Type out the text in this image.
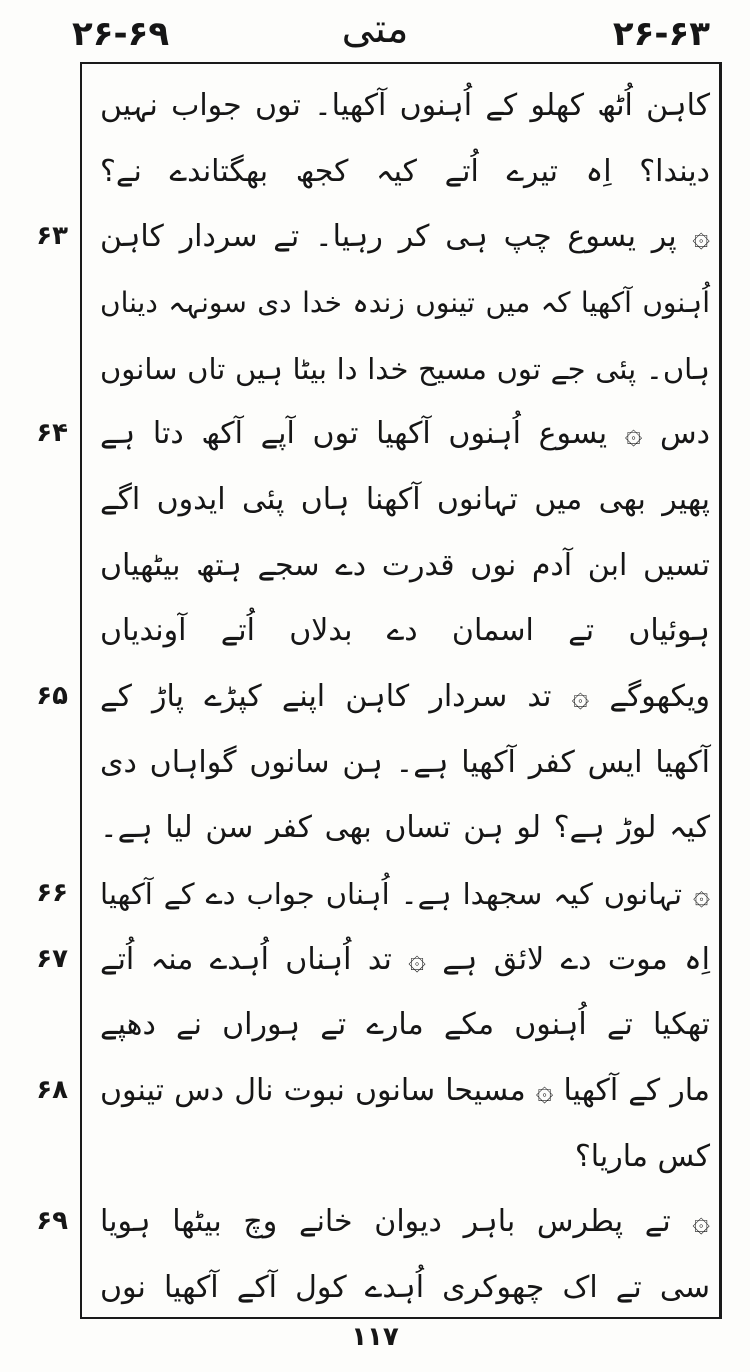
۲۶-۶۹	متی	۲۶-۶۳
۶۳
۶۴
۶۵
۶۶
۶۷
۶۸
۶۹
کاہن اُٹھ کھلو کے اُہنوں آکھیا۔ توں جواب نہیں
دیندا؟ اِہ تیرے اُتے کیہ کجھ بھگتاندے نے؟
۞ پر یسوع چپ ہی کر رہیا۔ تے سردار کاہن
اُہنوں آکھیا کہ میں تینوں زندہ خدا دی سونہہ دیناں
ہاں۔ پئی جے توں مسیح خدا دا بیٹا ہیں تاں سانوں
دس ۞ یسوع اُہنوں آکھیا توں آپے آکھ دتا ہے
پھیر بھی میں تہانوں آکھنا ہاں پئی ایدوں اگے
تسیں ابن آدم نوں قدرت دے سجے ہتھ بیٹھیاں
ہوئیاں تے اسمان دے بدلاں اُتے آوندیاں
ویکھوگے ۞ تد سردار کاہن اپنے کپڑے پاڑ کے
آکھیا ایس کفر آکھیا ہے۔ ہن سانوں گواہاں دی
کیہ لوڑ ہے؟ لو ہن تساں بھی کفر سن لیا ہے۔
۞ تہانوں کیہ سجھدا ہے۔ اُہناں جواب دے کے آکھیا
اِہ موت دے لائق ہے ۞ تد اُہناں اُہدے منہ اُتے
تھکیا تے اُہنوں مکے مارے تے ہوراں نے دھپے
مار کے آکھیا ۞ مسیحا سانوں نبوت نال دس تینوں
کس ماریا؟
۞ تے پطرس باہر دیوان خانے وچ بیٹھا ہویا
سی تے اک چھوکری اُہدے کول آکے آکھیا نوں
۱۱۷
